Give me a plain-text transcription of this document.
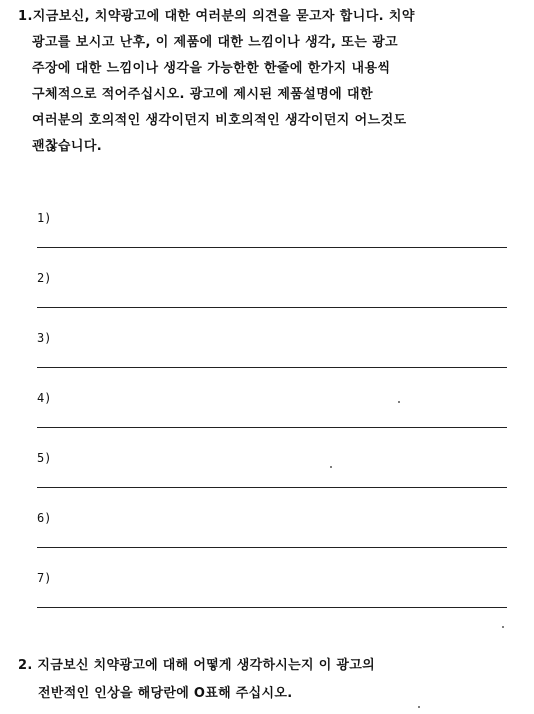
1.지금보신, 치약광고에 대한 여러분의 의견을 묻고자 합니다. 치약
광고를 보시고 난후, 이 제품에 대한 느낌이나 생각, 또는 광고
주장에 대한 느낌이나 생각을 가능한한 한줄에 한가지 내용씩
구체적으로 적어주십시오. 광고에 제시된 제품설명에 대한
여러분의 호의적인 생각이던지 비호의적인 생각이던지 어느것도
괜찮습니다.
1)
2)
3)
4)
5)
6)
7)
2. 지금보신 치약광고에 대해 어떻게 생각하시는지 이 광고의
전반적인 인상을 해당란에 O표해 주십시오.
